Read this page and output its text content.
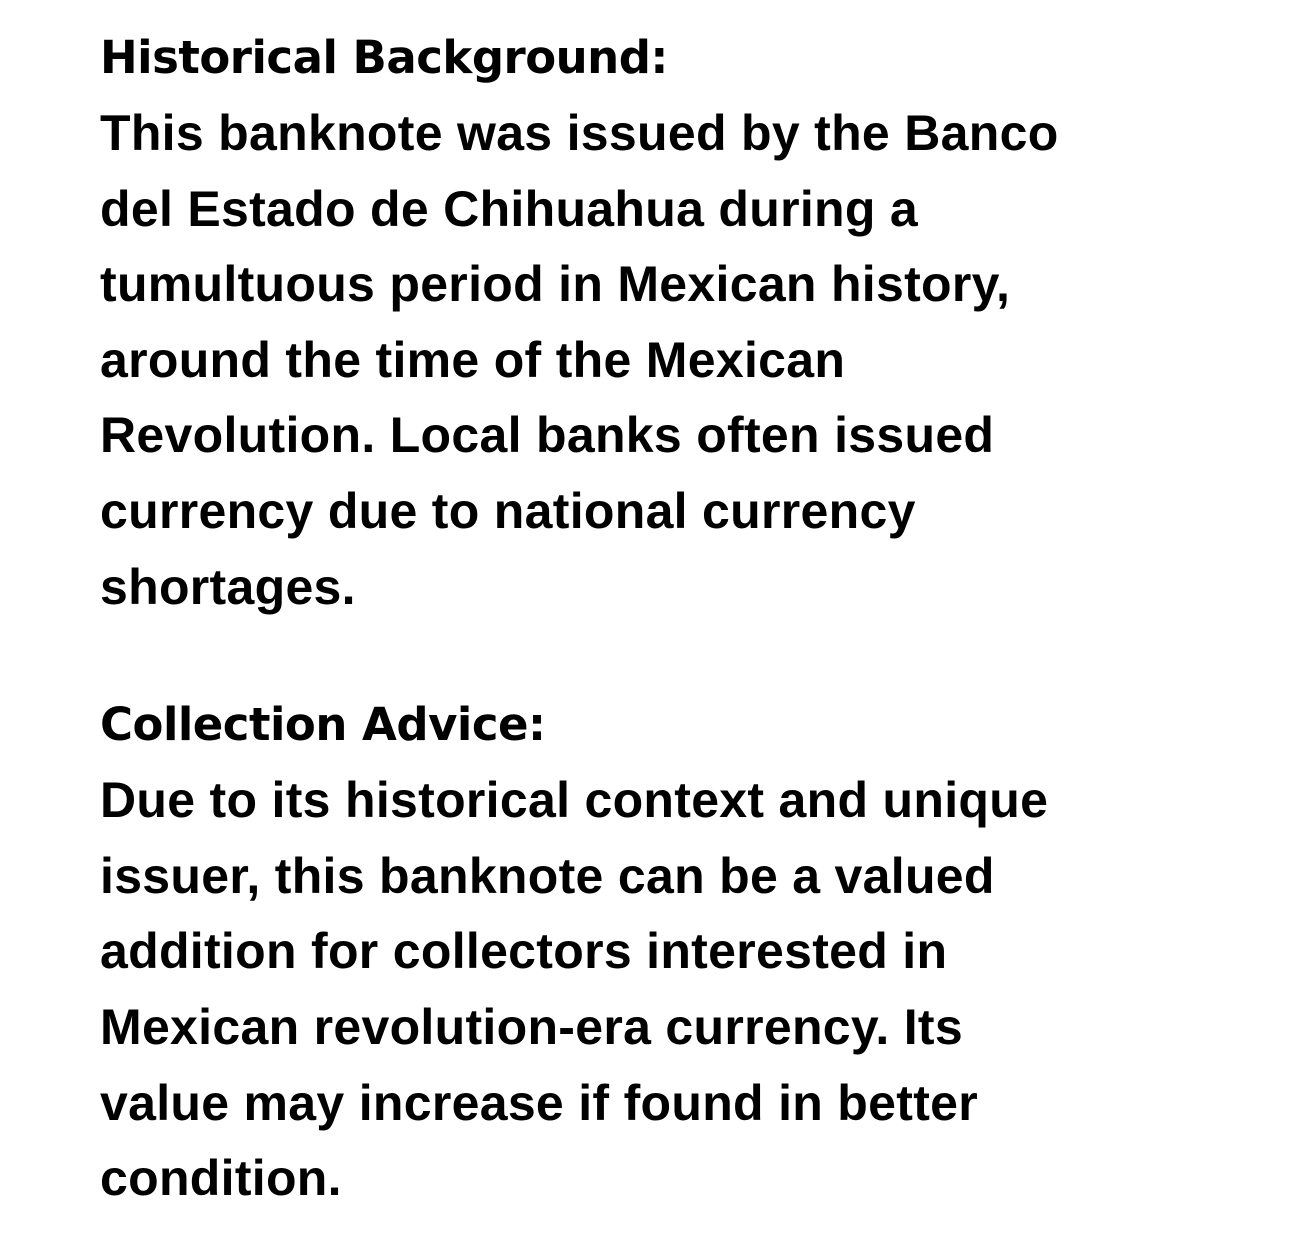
Historical Background:

This banknote was issued by the Banco

del Estado de Chihuahua during a

tumultuous period in Mexican history,

around the time of the Mexican

Revolution. Local banks often issued

currency due to national currency

shortages.

Collection Advice:

Due to its historical context and unique

issuer, this banknote can be a valued

addition for collectors interested in

Mexican revolution-era currency. Its

value may increase if found in better

condition.
